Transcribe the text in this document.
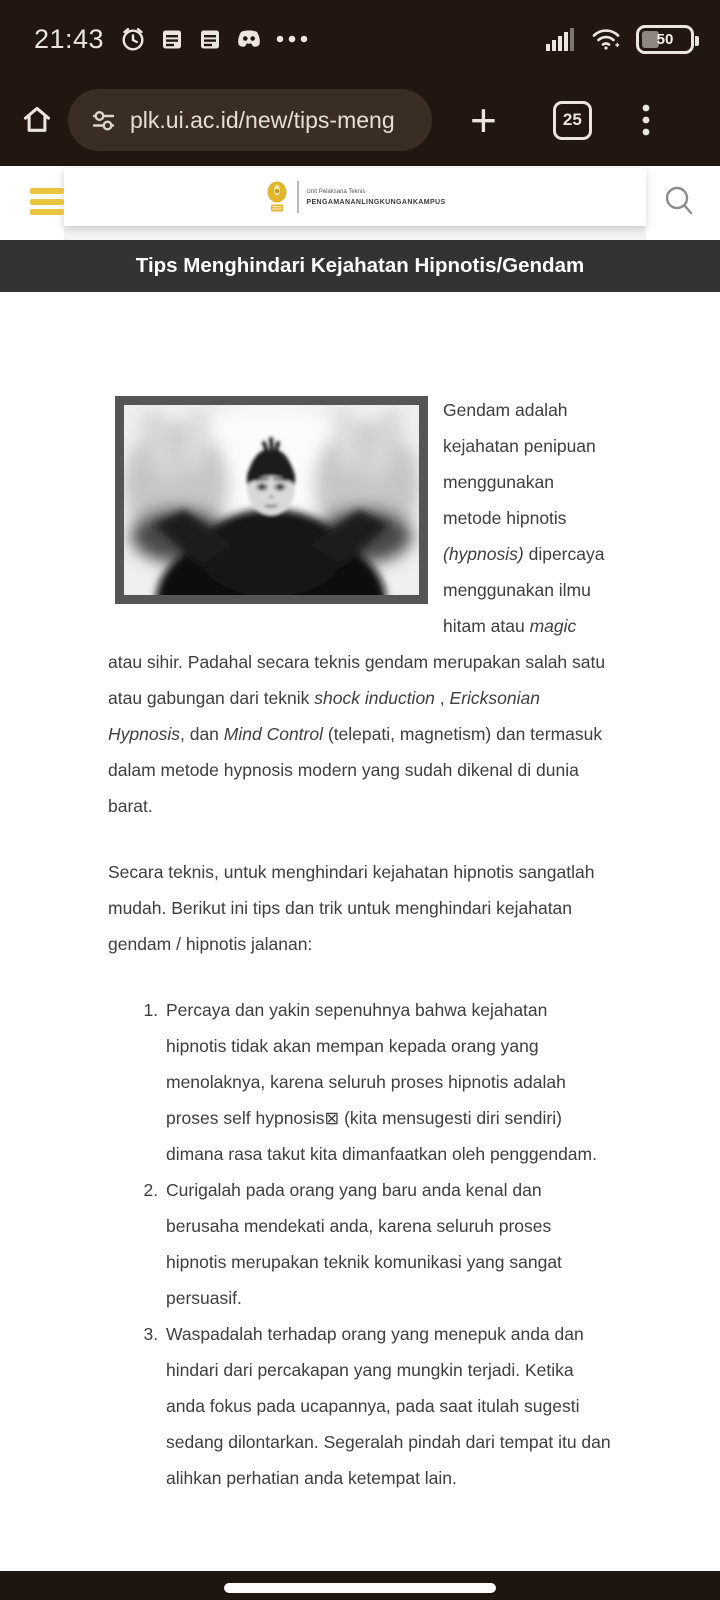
21:43	50
plk.ui.ac.id/new/tips-meng +	25
Unit Pelaksana Teknis
PENGAMANANLINGKUNGANKAMPUS
Tips Menghindari Kejahatan Hipnotis/Gendam

Gendam adalah kejahatan penipuan menggunakan metode hipnotis (hypnosis) dipercaya menggunakan ilmu hitam atau magic atau sihir. Padahal secara teknis gendam merupakan salah satu atau gabungan dari teknik shock induction , Ericksonian Hypnosis, dan Mind Control (telepati, magnetism) dan termasuk dalam metode hypnosis modern yang sudah dikenal di dunia barat.

Secara teknis, untuk menghindari kejahatan hipnotis sangatlah mudah. Berikut ini tips dan trik untuk menghindari kejahatan gendam / hipnotis jalanan:

1. Percaya dan yakin sepenuhnya bahwa kejahatan hipnotis tidak akan mempan kepada orang yang menolaknya, karena seluruh proses hipnotis adalah proses self hypnosis⊠ (kita mensugesti diri sendiri) dimana rasa takut kita dimanfaatkan oleh penggendam.
2. Curigalah pada orang yang baru anda kenal dan berusaha mendekati anda, karena seluruh proses hipnotis merupakan teknik komunikasi yang sangat persuasif.
3. Waspadalah terhadap orang yang menepuk anda dan hindari dari percakapan yang mungkin terjadi. Ketika anda fokus pada ucapannya, pada saat itulah sugesti sedang dilontarkan. Segeralah pindah dari tempat itu dan alihkan perhatian anda ketempat lain.
